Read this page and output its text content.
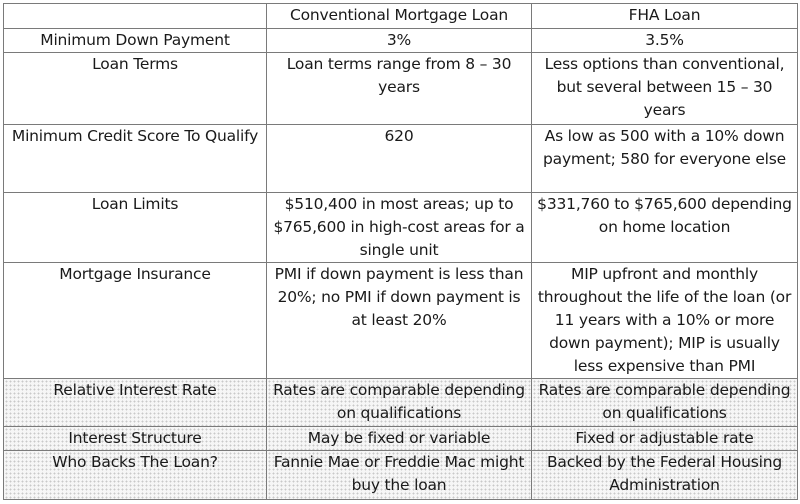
	Conventional Mortgage Loan	FHA Loan
Minimum Down Payment	3%	3.5%
Loan Terms	Loan terms range from 8 – 30 years	Less options than conventional, but several between 15 – 30 years
Minimum Credit Score To Qualify	620	As low as 500 with a 10% down payment; 580 for everyone else
Loan Limits	$510,400 in most areas; up to $765,600 in high-cost areas for a single unit	$331,760 to $765,600 depending on home location
Mortgage Insurance	PMI if down payment is less than 20%; no PMI if down payment is at least 20%	MIP upfront and monthly throughout the life of the loan (or 11 years with a 10% or more down payment); MIP is usually less expensive than PMI
Relative Interest Rate	Rates are comparable depending on qualifications	Rates are comparable depending on qualifications
Interest Structure	May be fixed or variable	Fixed or adjustable rate
Who Backs The Loan?	Fannie Mae or Freddie Mac might buy the loan	Backed by the Federal Housing Administration
